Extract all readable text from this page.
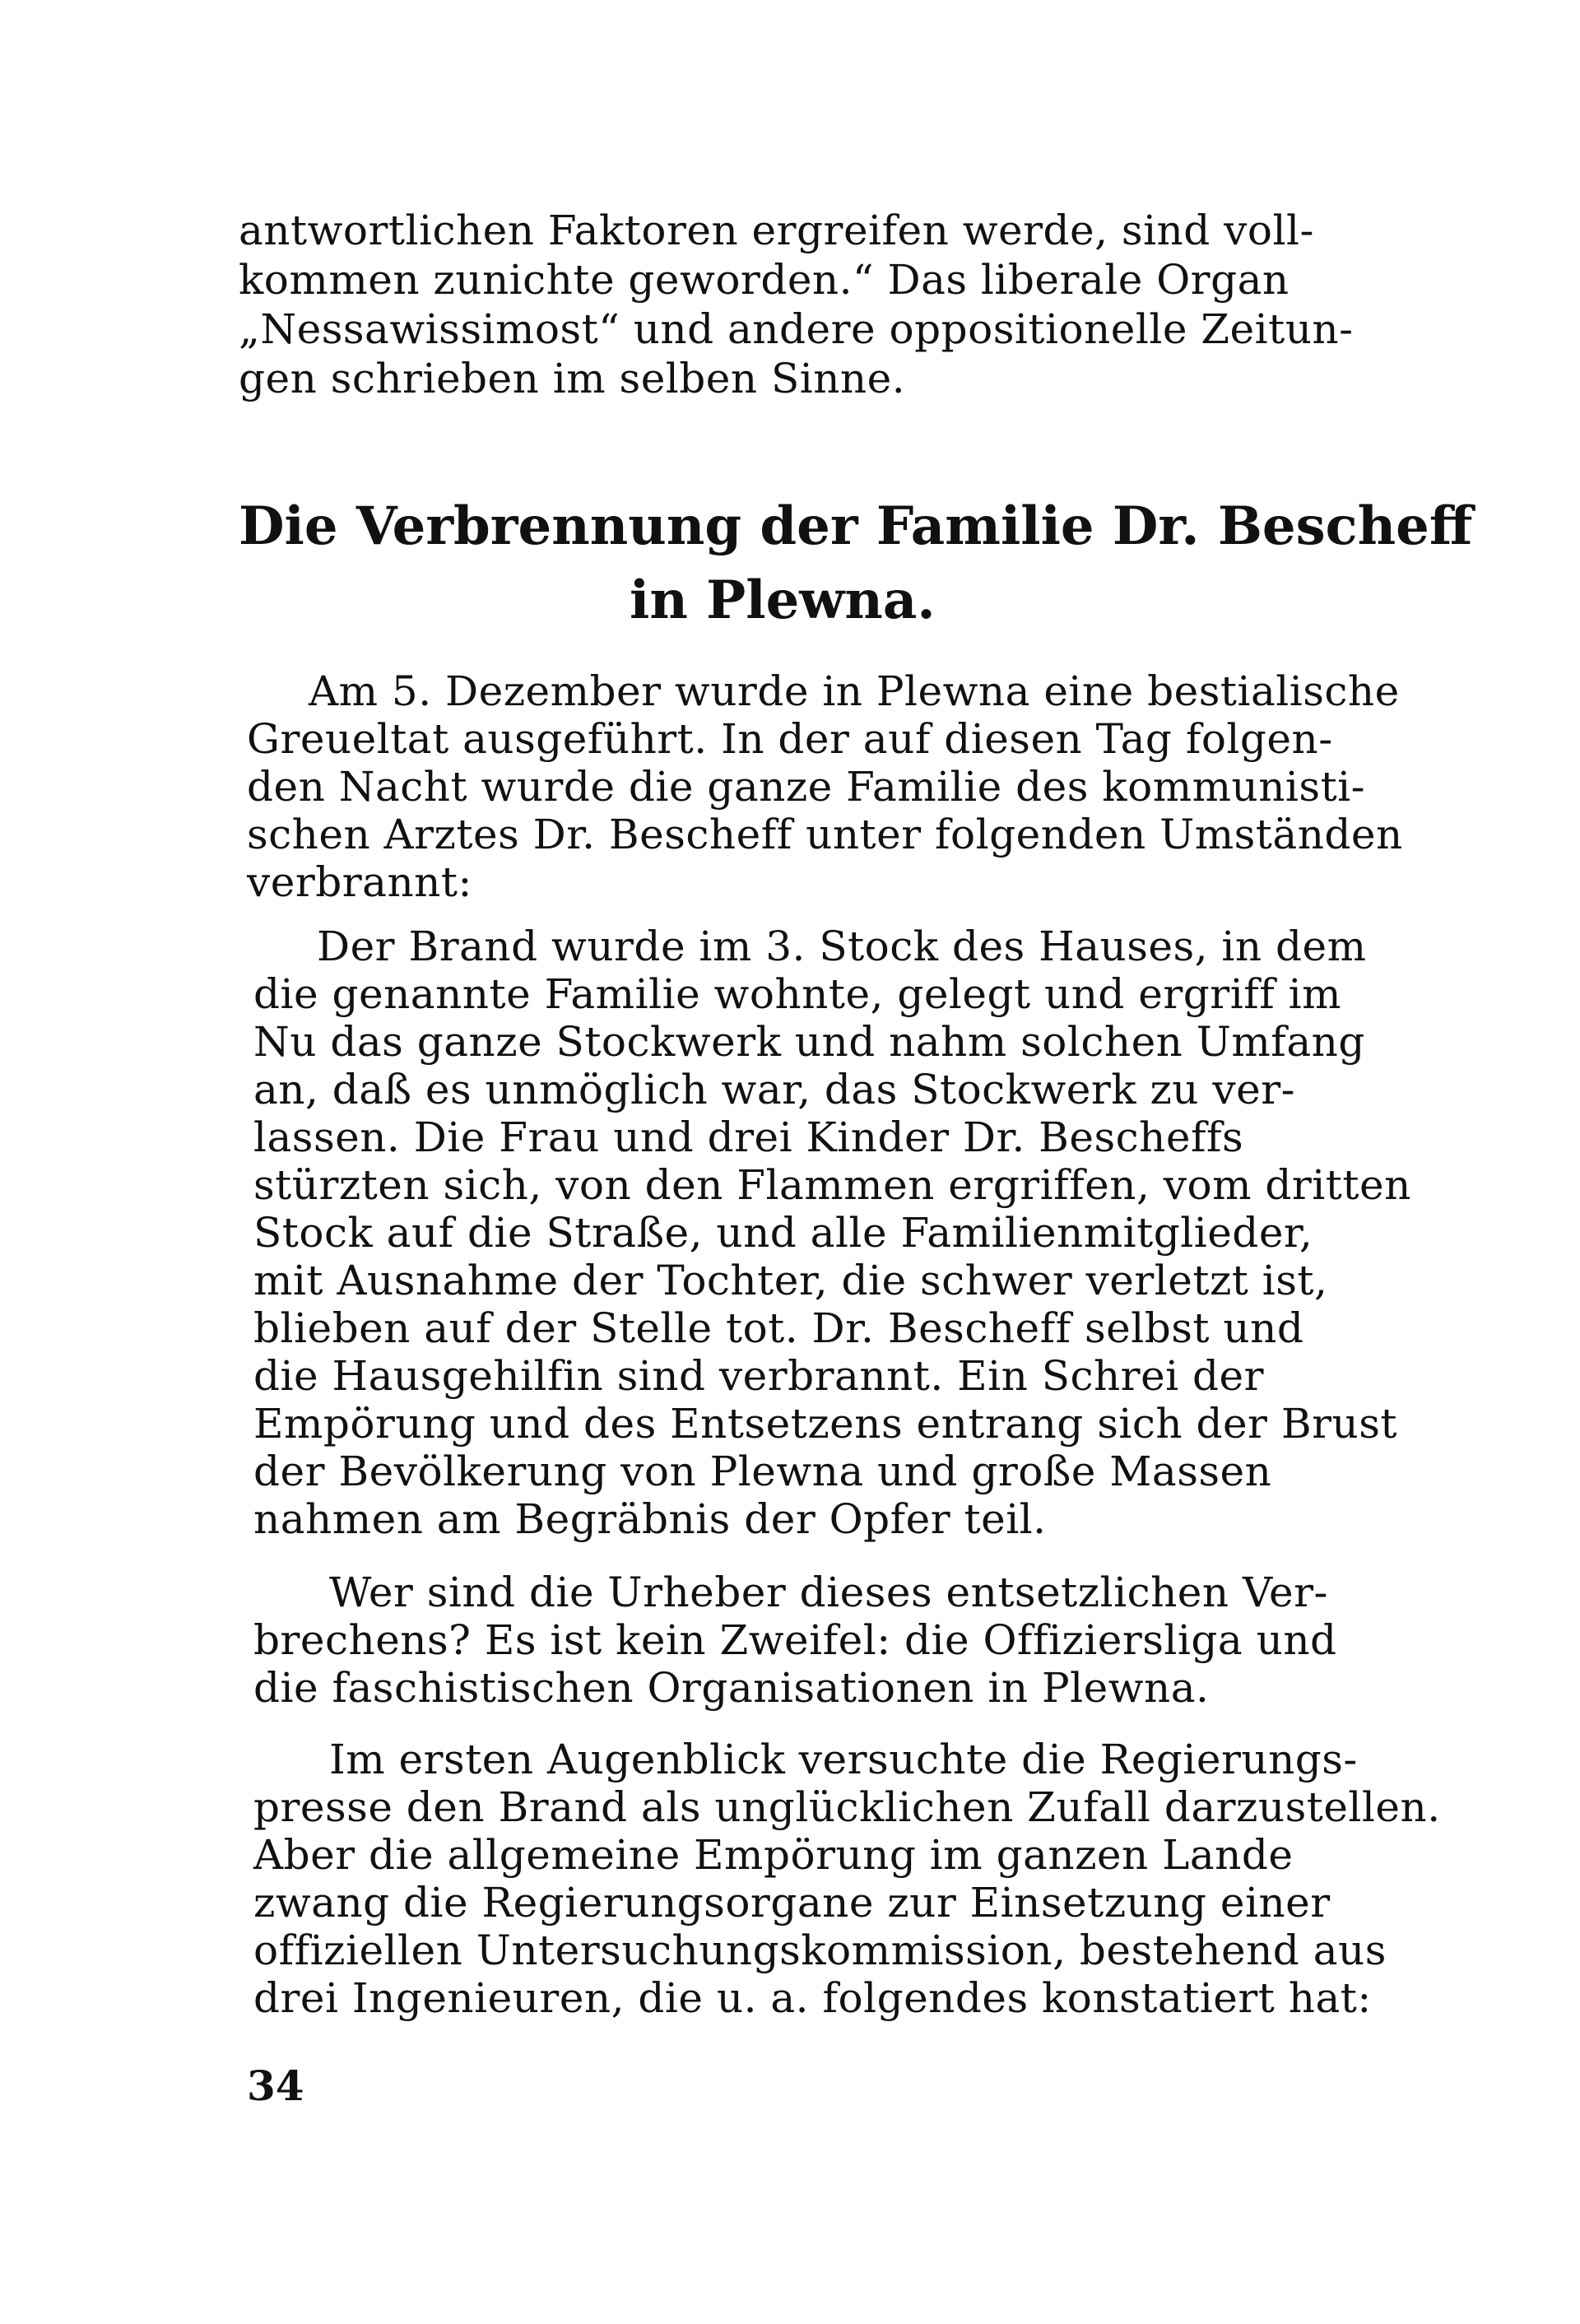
antwortlichen Faktoren ergreifen werde, sind voll-
kommen zunichte geworden.“ Das liberale Organ
„Nessawissimost“ und andere oppositionelle Zeitun-
gen schrieben im selben Sinne.
Die Verbrennung der Familie Dr. Bescheff
in Plewna.
Am 5. Dezember wurde in Plewna eine bestialische
Greueltat ausgeführt. In der auf diesen Tag folgen-
den Nacht wurde die ganze Familie des kommunisti-
schen Arztes Dr. Bescheff unter folgenden Umständen
verbrannt:
Der Brand wurde im 3. Stock des Hauses, in dem
die genannte Familie wohnte, gelegt und ergriff im
Nu das ganze Stockwerk und nahm solchen Umfang
an, daß es unmöglich war, das Stockwerk zu ver-
lassen. Die Frau und drei Kinder Dr. Bescheffs
stürzten sich, von den Flammen ergriffen, vom dritten
Stock auf die Straße, und alle Familienmitglieder,
mit Ausnahme der Tochter, die schwer verletzt ist,
blieben auf der Stelle tot. Dr. Bescheff selbst und
die Hausgehilfin sind verbrannt. Ein Schrei der
Empörung und des Entsetzens entrang sich der Brust
der Bevölkerung von Plewna und große Massen
nahmen am Begräbnis der Opfer teil.
Wer sind die Urheber dieses entsetzlichen Ver-
brechens? Es ist kein Zweifel: die Offiziersliga und
die faschistischen Organisationen in Plewna.
Im ersten Augenblick versuchte die Regierungs-
presse den Brand als unglücklichen Zufall darzustellen.
Aber die allgemeine Empörung im ganzen Lande
zwang die Regierungsorgane zur Einsetzung einer
offiziellen Untersuchungskommission, bestehend aus
drei Ingenieuren, die u. a. folgendes konstatiert hat:
34
